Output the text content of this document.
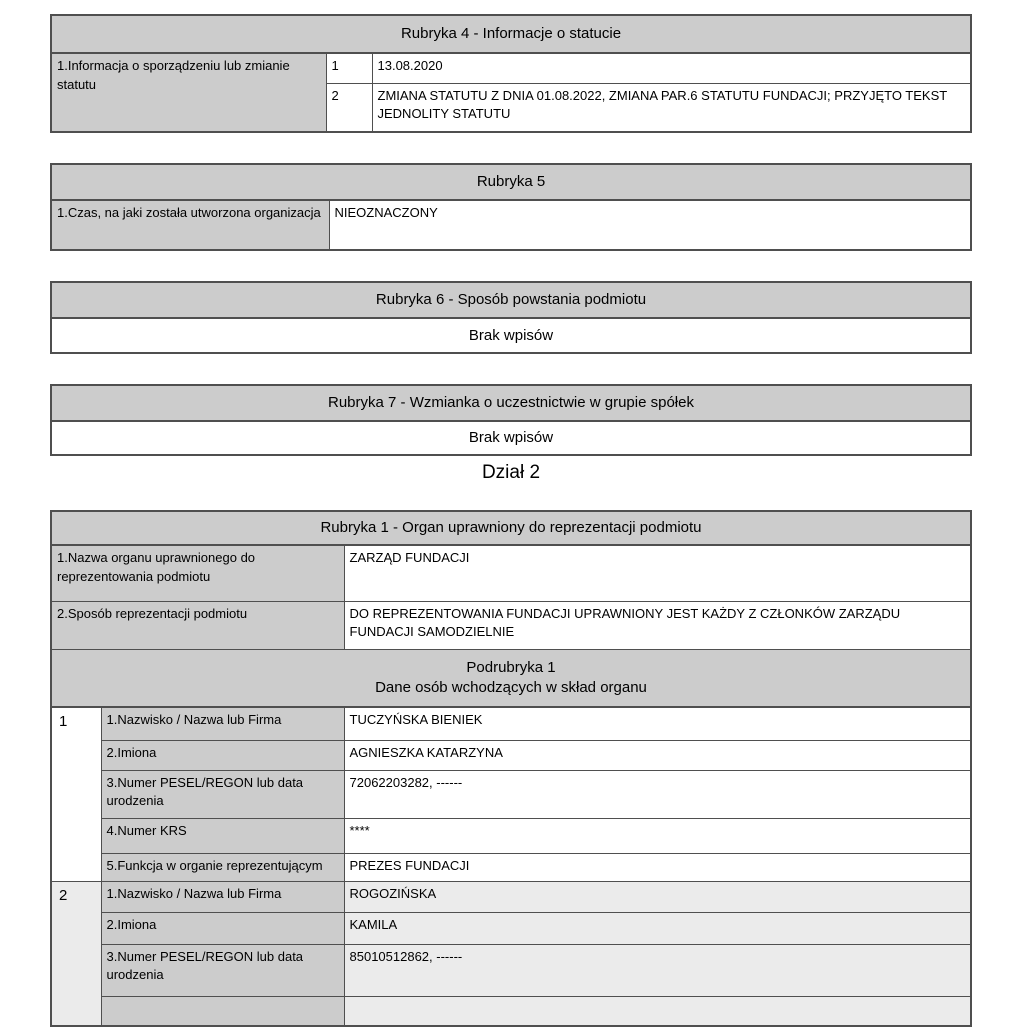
Rubryka 4 - Informacje o statucie		
1.Informacja o sporządzeniu lub zmianie statutu	1	13.08.2020
	2	ZMIANA STATUTU Z DNIA 01.08.2022, ZMIANA PAR.6 STATUTU FUNDACJI; PRZYJĘTO TEKST JEDNOLITY STATUTU
Rubryka 5
1.Czas, na jaki została utworzona organizacja	NIEOZNACZONY
Rubryka 6 - Sposób powstania podmiotu
Brak wpisów
Rubryka 7 - Wzmianka o uczestnictwie w grupie spółek
Brak wpisów
Dział 2
Rubryka 1 - Organ uprawniony do reprezentacji podmiotu		
1.Nazwa organu uprawnionego do reprezentowania podmiotu		ZARZĄD FUNDACJI
2.Sposób reprezentacji podmiotu		DO REPREZENTOWANIA FUNDACJI UPRAWNIONY JEST KAŻDY Z CZŁONKÓW ZARZĄDU FUNDACJI SAMODZIELNIE

Podrubryka 1
Dane osób wchodzących w skład organu		

1	1.Nazwisko / Nazwa lub Firma	TUCZYŃSKA BIENIEK
	2.Imiona	AGNIESZKA KATARZYNA
	3.Numer PESEL/REGON lub data urodzenia	72062203282, ------
	4.Numer KRS	****
	5.Funkcja w organie reprezentującym	PREZES FUNDACJI
2	1.Nazwisko / Nazwa lub Firma	ROGOZIŃSKA
	2.Imiona	KAMILA
	3.Numer PESEL/REGON lub data urodzenia	85010512862, ------
